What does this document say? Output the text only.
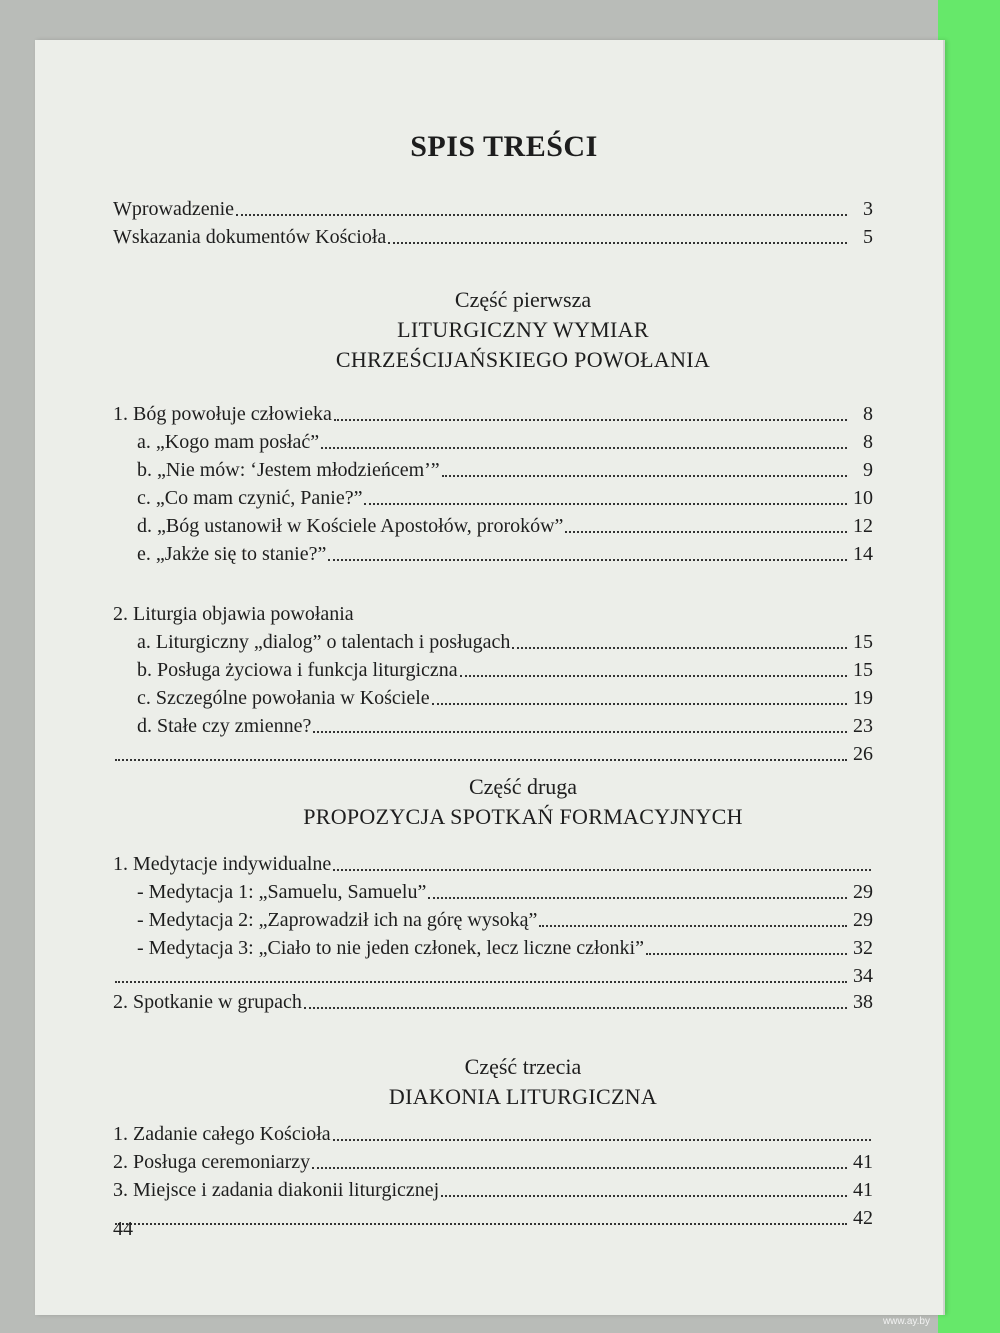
SPIS TREŚCI
Wprowadzenie	3
Wskazania dokumentów Kościoła	5
Część pierwsza
LITURGICZNY WYMIAR
CHRZEŚCIJAŃSKIEGO POWOŁANIA
1. Bóg powołuje człowieka	8
a. „Kogo mam posłać”	8
b. „Nie mów: ‘Jestem młodzieńcem’”	9
c. „Co mam czynić, Panie?”	10
d. „Bóg ustanowił w Kościele Apostołów, proroków”	12
e. „Jakże się to stanie?”	14
2. Liturgia objawia powołania
a. Liturgiczny „dialog” o talentach i posługach	15
b. Posługa życiowa i funkcja liturgiczna	15
c. Szczególne powołania w Kościele	19
d. Stałe czy zmienne?	23
26
Część druga
PROPOZYCJA SPOTKAŃ FORMACYJNYCH
1. Medytacje indywidualne
- Medytacja 1: „Samuelu, Samuelu”	29
- Medytacja 2: „Zaprowadził ich na górę wysoką”	29
- Medytacja 3: „Ciało to nie jeden członek, lecz liczne członki”	32
34
2. Spotkanie w grupach	38
Część trzecia
DIAKONIA LITURGICZNA
1. Zadanie całego Kościoła
2. Posługa ceremoniarzy	41
3. Miejsce i zadania diakonii liturgicznej	41
42
44
www.ay.by
